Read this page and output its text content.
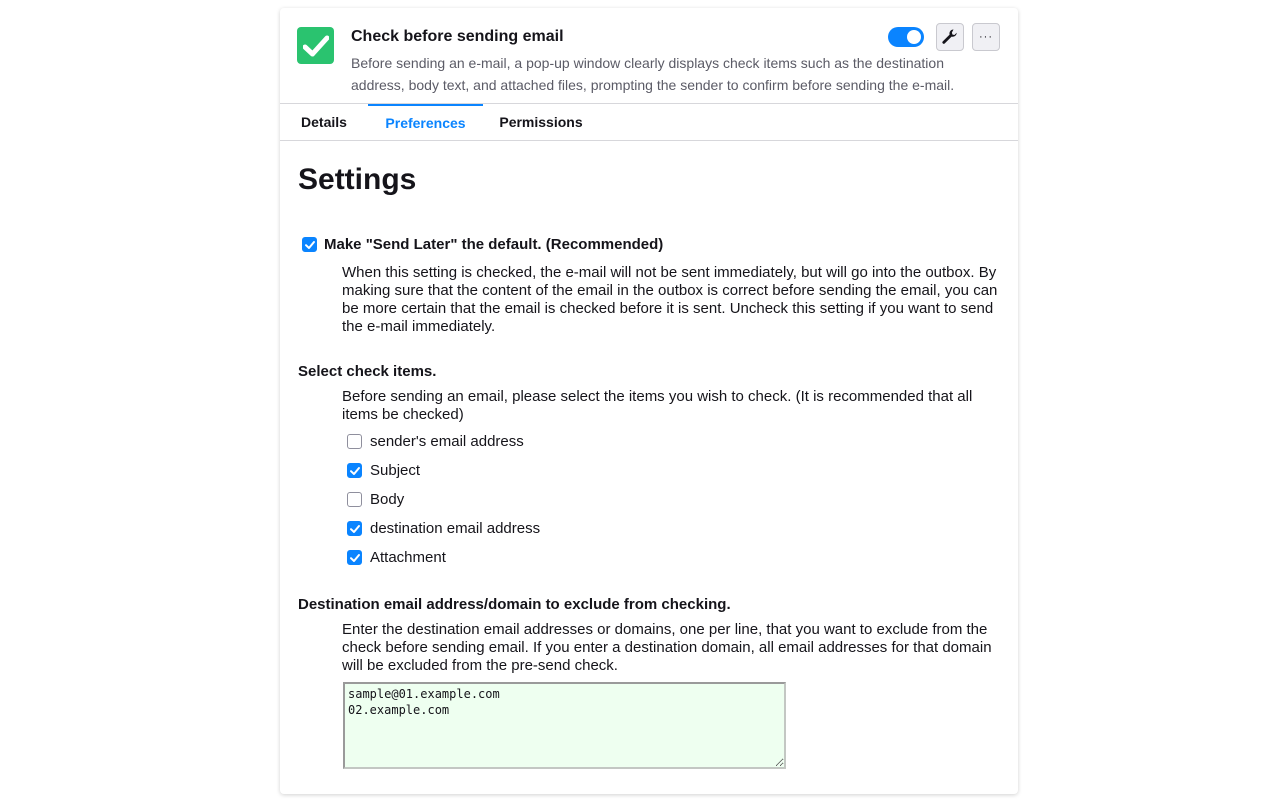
Check before sending email
Before sending an e-mail, a pop-up window clearly displays check items such as the destination address, body text, and attached files, prompting the sender to confirm before sending the e-mail.
···
Details	Preferences	Permissions
Settings
Make "Send Later" the default. (Recommended)
When this setting is checked, the e-mail will not be sent immediately, but will go into the outbox. By making sure that the content of the email in the outbox is correct before sending the email, you can be more certain that the email is checked before it is sent. Uncheck this setting if you want to send the e-mail immediately.
Select check items.
Before sending an email, please select the items you wish to check. (It is recommended that all items be checked)
sender's email address
Subject
Body
destination email address
Attachment
Destination email address/domain to exclude from checking.
Enter the destination email addresses or domains, one per line, that you want to exclude from the check before sending email. If you enter a destination domain, all email addresses for that domain will be excluded from the pre-send check.
sample@01.example.com 02.example.com
